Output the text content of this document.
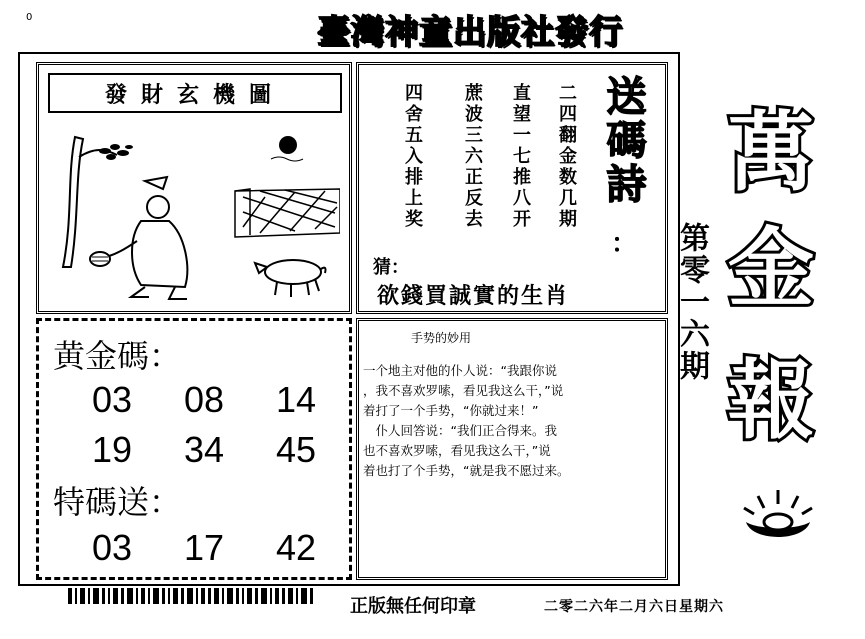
0	臺灣神童出版社發行
發財玄機圖	二四翻金数几期
直望一七推八开
蔗波三六正反去
四舍五入排上奖	送碼詩
：
猜：
欲錢買誠實的生肖
黄金碼：
03	08	14
19	34	45
特碼送：
03	17	42
手势的妙用
一个地主对他的仆人说：“我跟你说
，我不喜欢罗嗦，看见我这么干，”说
着打了一个手势，“你就过来！”
　仆人回答说：“我们正合得来。我
也不喜欢罗嗦，看见我这么干，”说
着也打了个手势，“就是我不愿过来。
萬
金
報
第零一六期
正版無任何印章	二零二六年二月六日星期六
